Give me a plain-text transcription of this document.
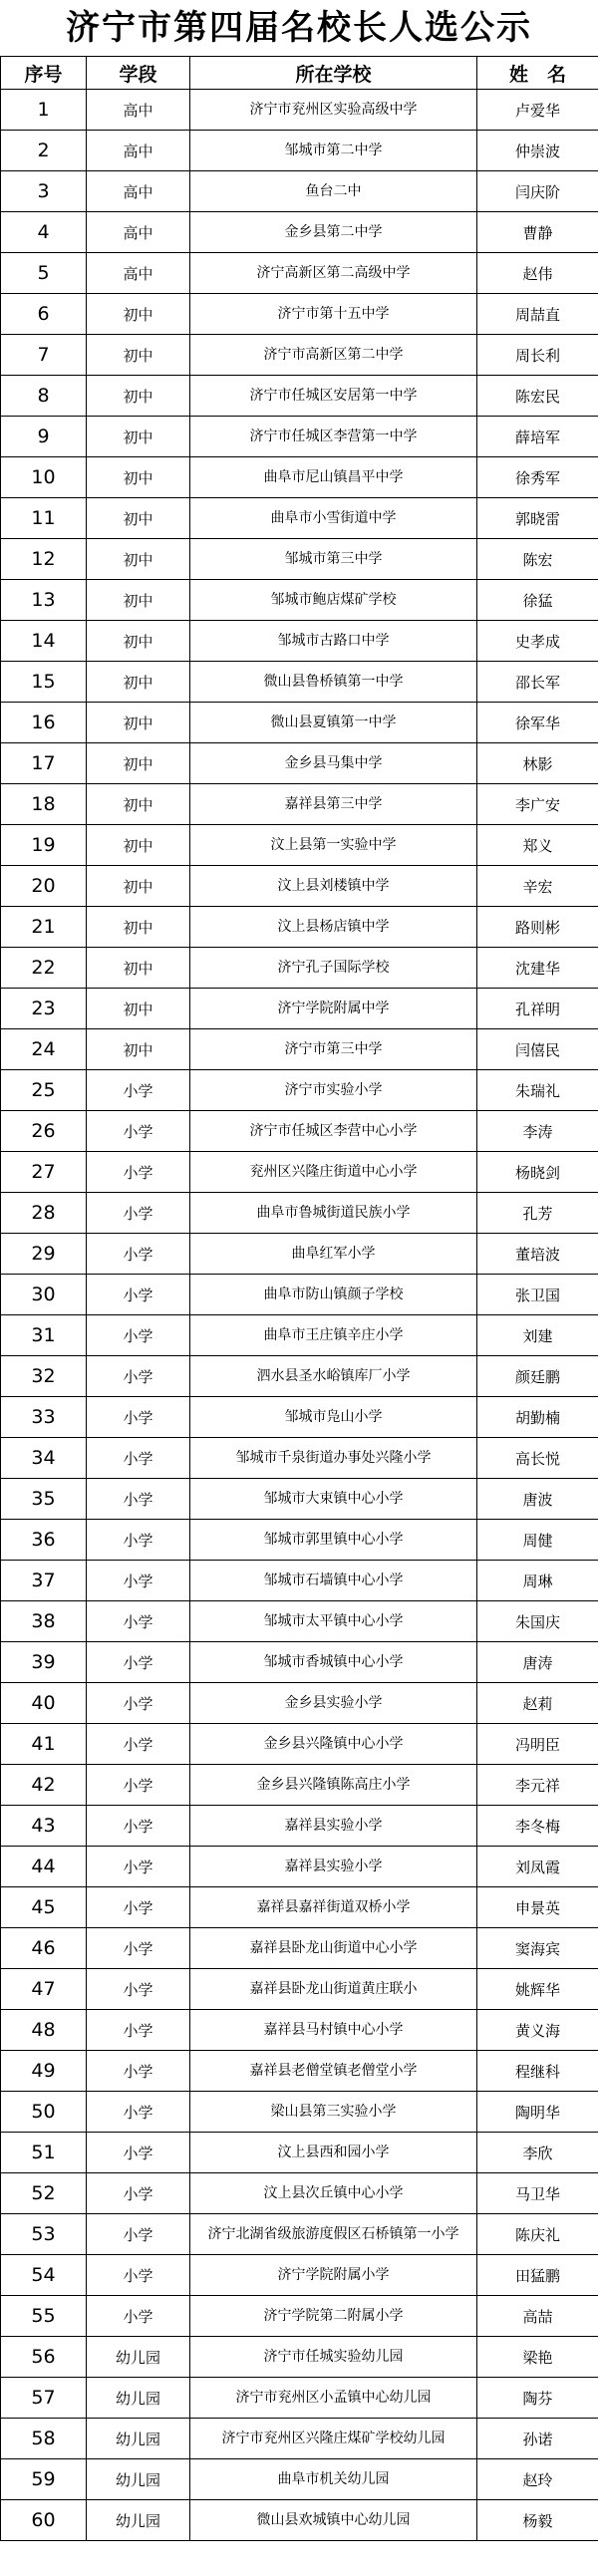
济宁市第四届名校长人选公示
序号	学段	所在学校	姓　名
1	高中	济宁市兖州区实验高级中学	卢爱华
2	高中	邹城市第二中学	仲崇波
3	高中	鱼台二中	闫庆阶
4	高中	金乡县第二中学	曹静
5	高中	济宁高新区第二高级中学	赵伟
6	初中	济宁市第十五中学	周喆直
7	初中	济宁市高新区第二中学	周长利
8	初中	济宁市任城区安居第一中学	陈宏民
9	初中	济宁市任城区李营第一中学	薛培军
10	初中	曲阜市尼山镇昌平中学	徐秀军
11	初中	曲阜市小雪街道中学	郭晓雷
12	初中	邹城市第三中学	陈宏
13	初中	邹城市鲍店煤矿学校	徐猛
14	初中	邹城市古路口中学	史孝成
15	初中	微山县鲁桥镇第一中学	邵长军
16	初中	微山县夏镇第一中学	徐军华
17	初中	金乡县马集中学	林影
18	初中	嘉祥县第三中学	李广安
19	初中	汶上县第一实验中学	郑义
20	初中	汶上县刘楼镇中学	辛宏
21	初中	汶上县杨店镇中学	路则彬
22	初中	济宁孔子国际学校	沈建华
23	初中	济宁学院附属中学	孔祥明
24	初中	济宁市第三中学	闫僖民
25	小学	济宁市实验小学	朱瑞礼
26	小学	济宁市任城区李营中心小学	李涛
27	小学	兖州区兴隆庄街道中心小学	杨晓剑
28	小学	曲阜市鲁城街道民族小学	孔芳
29	小学	曲阜红军小学	董培波
30	小学	曲阜市防山镇颜子学校	张卫国
31	小学	曲阜市王庄镇辛庄小学	刘建
32	小学	泗水县圣水峪镇库厂小学	颜廷鹏
33	小学	邹城市凫山小学	胡勤楠
34	小学	邹城市千泉街道办事处兴隆小学	高长悦
35	小学	邹城市大束镇中心小学	唐波
36	小学	邹城市郭里镇中心小学	周健
37	小学	邹城市石墙镇中心小学	周琳
38	小学	邹城市太平镇中心小学	朱国庆
39	小学	邹城市香城镇中心小学	唐涛
40	小学	金乡县实验小学	赵莉
41	小学	金乡县兴隆镇中心小学	冯明臣
42	小学	金乡县兴隆镇陈高庄小学	李元祥
43	小学	嘉祥县实验小学	李冬梅
44	小学	嘉祥县实验小学	刘凤霞
45	小学	嘉祥县嘉祥街道双桥小学	申景英
46	小学	嘉祥县卧龙山街道中心小学	窦海宾
47	小学	嘉祥县卧龙山街道黄庄联小	姚辉华
48	小学	嘉祥县马村镇中心小学	黄义海
49	小学	嘉祥县老僧堂镇老僧堂小学	程继科
50	小学	梁山县第三实验小学	陶明华
51	小学	汶上县西和园小学	李欣
52	小学	汶上县次丘镇中心小学	马卫华
53	小学	济宁北湖省级旅游度假区石桥镇第一小学	陈庆礼
54	小学	济宁学院附属小学	田猛鹏
55	小学	济宁学院第二附属小学	高喆
56	幼儿园	济宁市任城实验幼儿园	梁艳
57	幼儿园	济宁市兖州区小孟镇中心幼儿园	陶芬
58	幼儿园	济宁市兖州区兴隆庄煤矿学校幼儿园	孙诺
59	幼儿园	曲阜市机关幼儿园	赵玲
60	幼儿园	微山县欢城镇中心幼儿园	杨毅
